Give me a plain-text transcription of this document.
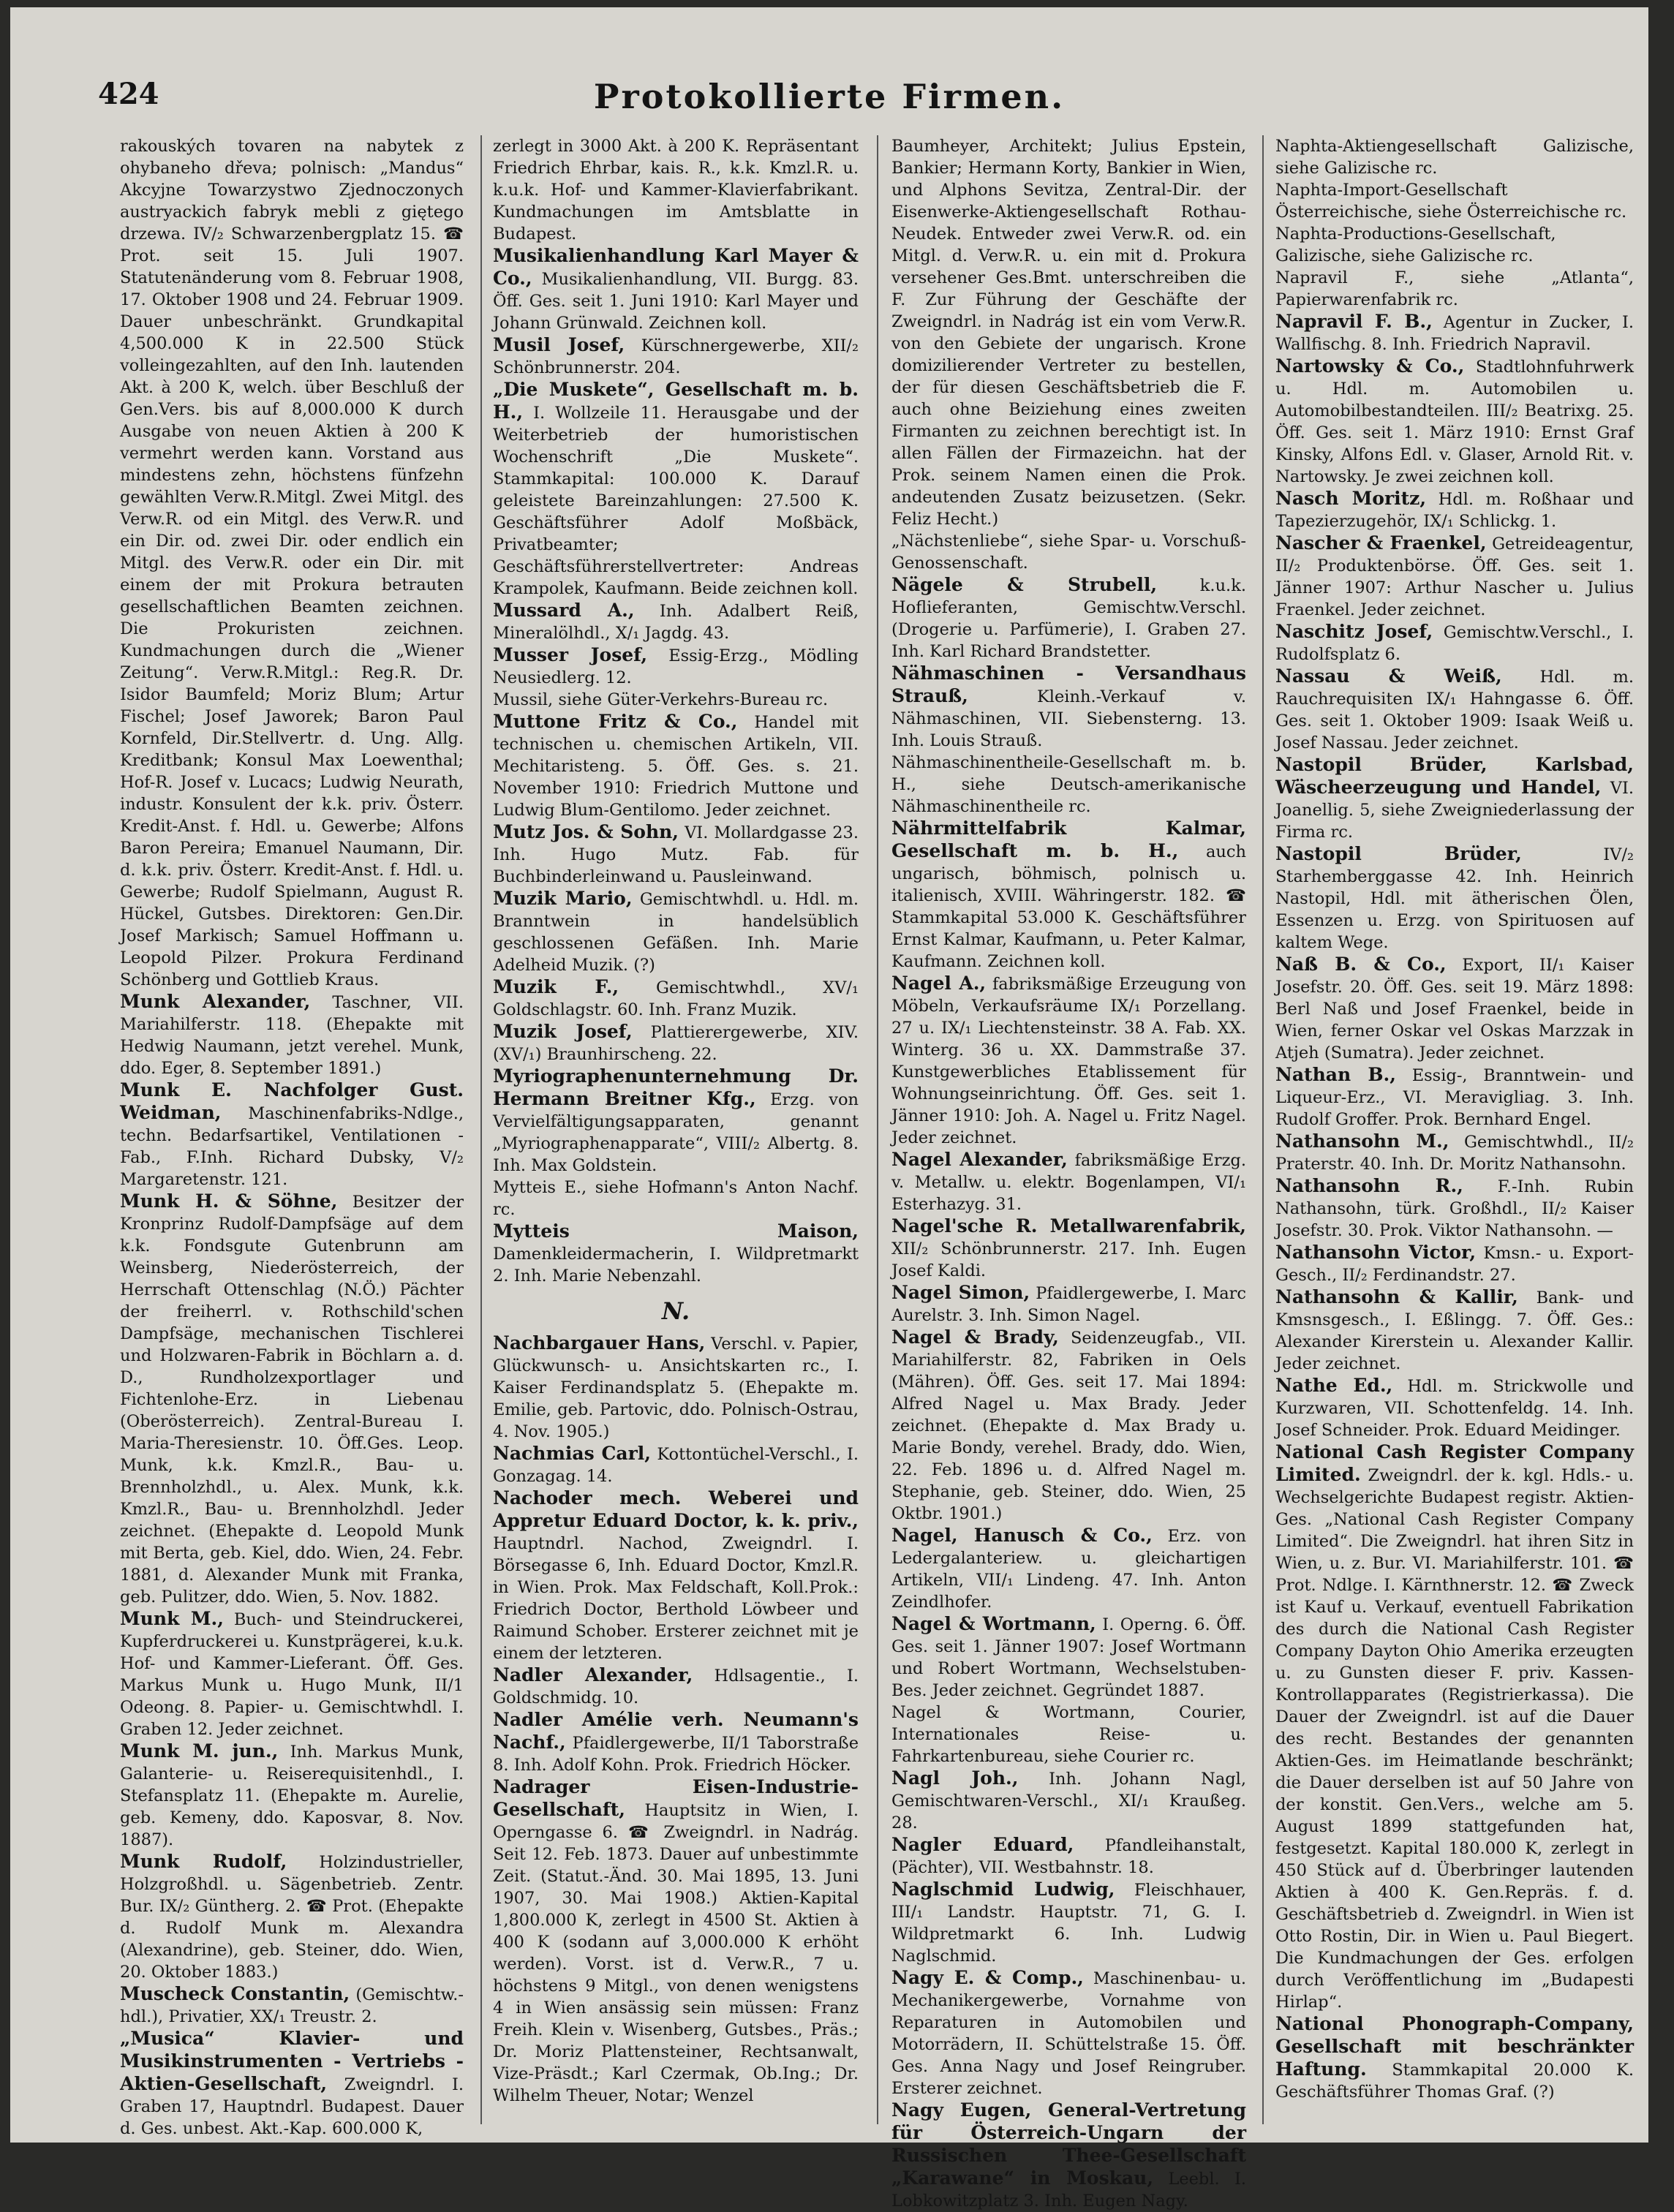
424	Protokollierte Firmen.

rakouských tovaren na nabytek z ohybaneho dřeva; polnisch: „Mandus“ Akcyjne Towarzystwo Zjednoczonych austryackich fabryk mebli z giętego drzewa. IV/₂ Schwarzenbergplatz 15. ☎ Prot. seit 15. Juli 1907. Statutenänderung vom 8. Februar 1908, 17. Oktober 1908 und 24. Februar 1909. Dauer unbeschränkt. Grundkapital 4,500.000 K in 22.500 Stück volleingezahlten, auf den Inh. lautenden Akt. à 200 K, welch. über Beschluß der Gen.Vers. bis auf 8,000.000 K durch Ausgabe von neuen Aktien à 200 K vermehrt werden kann. Vorstand aus mindestens zehn, höchstens fünfzehn gewählten Verw.R.Mitgl. Zwei Mitgl. des Verw.R. od ein Mitgl. des Verw.R. und ein Dir. od. zwei Dir. oder endlich ein Mitgl. des Verw.R. oder ein Dir. mit einem der mit Prokura betrauten gesellschaftlichen Beamten zeichnen. Die Prokuristen zeichnen. Kundmachungen durch die „Wiener Zeitung“. Verw.R.Mitgl.: Reg.R. Dr. Isidor Baumfeld; Moriz Blum; Artur Fischel; Josef Jaworek; Baron Paul Kornfeld, Dir.Stellvertr. d. Ung. Allg. Kreditbank; Konsul Max Loewenthal; Hof-R. Josef v. Lucacs; Ludwig Neurath, industr. Konsulent der k.k. priv. Österr. Kredit-Anst. f. Hdl. u. Gewerbe; Alfons Baron Pereira; Emanuel Naumann, Dir. d. k.k. priv. Österr. Kredit-Anst. f. Hdl. u. Gewerbe; Rudolf Spielmann, August R. Hückel, Gutsbes. Direktoren: Gen.Dir. Josef Markisch; Samuel Hoffmann u. Leopold Pilzer. Prokura Ferdinand Schönberg und Gottlieb Kraus.

Munk Alexander, Taschner, VII. Mariahilferstr. 118. (Ehepakte mit Hedwig Naumann, jetzt verehel. Munk, ddo. Eger, 8. September 1891.)

Munk E. Nachfolger Gust. Weidman, Maschinenfabriks-Ndlge., techn. Bedarfsartikel, Ventilationen - Fab., F.Inh. Richard Dubsky, V/₂ Margaretenstr. 121.

Munk H. & Söhne, Besitzer der Kronprinz Rudolf-Dampfsäge auf dem k.k. Fondsgute Gutenbrunn am Weinsberg, Niederösterreich, der Herrschaft Ottenschlag (N.Ö.) Pächter der freiherrl. v. Rothschild'schen Dampfsäge, mechanischen Tischlerei und Holzwaren-Fabrik in Böchlarn a. d. D., Rundholzexportlager und Fichtenlohe-Erz. in Liebenau (Oberösterreich). Zentral-Bureau I. Maria-Theresienstr. 10. Öff.Ges. Leop. Munk, k.k. Kmzl.R., Bau- u. Brennholzhdl., u. Alex. Munk, k.k. Kmzl.R., Bau- u. Brennholzhdl. Jeder zeichnet. (Ehepakte d. Leopold Munk mit Berta, geb. Kiel, ddo. Wien, 24. Febr. 1881, d. Alexander Munk mit Franka, geb. Pulitzer, ddo. Wien, 5. Nov. 1882.

Munk M., Buch- und Steindruckerei, Kupferdruckerei u. Kunstprägerei, k.u.k. Hof- und Kammer-Lieferant. Öff. Ges. Markus Munk u. Hugo Munk, II/1 Odeong. 8. Papier- u. Gemischtwhdl. I. Graben 12. Jeder zeichnet.

Munk M. jun., Inh. Markus Munk, Galanterie- u. Reiserequisitenhdl., I. Stefansplatz 11. (Ehepakte m. Aurelie, geb. Kemeny, ddo. Kaposvar, 8. Nov. 1887).

Munk Rudolf, Holzindustrieller, Holzgroßhdl. u. Sägenbetrieb. Zentr. Bur. IX/₂ Güntherg. 2. ☎ Prot. (Ehepakte d. Rudolf Munk m. Alexandra (Alexandrine), geb. Steiner, ddo. Wien, 20. Oktober 1883.)

Muscheck Constantin, (Gemischtw.-hdl.), Privatier, XX/₁ Treustr. 2.

„Musica“ Klavier- und Musikinstrumenten - Vertriebs - Aktien-Gesellschaft, Zweigndrl. I. Graben 17, Hauptndrl. Budapest. Dauer d. Ges. unbest. Akt.-Kap. 600.000 K,

zerlegt in 3000 Akt. à 200 K. Repräsentant Friedrich Ehrbar, kais. R., k.k. Kmzl.R. u. k.u.k. Hof- und Kammer-Klavierfabrikant. Kundmachungen im Amtsblatte in Budapest.

Musikalienhandlung Karl Mayer & Co., Musikalienhandlung, VII. Burgg. 83. Öff. Ges. seit 1. Juni 1910: Karl Mayer und Johann Grünwald. Zeichnen koll.

Musil Josef, Kürschnergewerbe, XII/₂ Schönbrunnerstr. 204.

„Die Muskete“, Gesellschaft m. b. H., I. Wollzeile 11. Herausgabe und der Weiterbetrieb der humoristischen Wochenschrift „Die Muskete“. Stammkapital: 100.000 K. Darauf geleistete Bareinzahlungen: 27.500 K. Geschäftsführer Adolf Moßbäck, Privatbeamter; Geschäftsführerstellvertreter: Andreas Krampolek, Kaufmann. Beide zeichnen koll.

Mussard A., Inh. Adalbert Reiß, Mineralölhdl., X/₁ Jagdg. 43.

Musser Josef, Essig-Erzg., Mödling Neusiedlerg. 12.

Mussil, siehe Güter-Verkehrs-Bureau rc.

Muttone Fritz & Co., Handel mit technischen u. chemischen Artikeln, VII. Mechitaristeng. 5. Öff. Ges. s. 21. November 1910: Friedrich Muttone und Ludwig Blum-Gentilomo. Jeder zeichnet.

Mutz Jos. & Sohn, VI. Mollardgasse 23. Inh. Hugo Mutz. Fab. für Buchbinderleinwand u. Pausleinwand.

Muzik Mario, Gemischtwhdl. u. Hdl. m. Branntwein in handelsüblich geschlossenen Gefäßen. Inh. Marie Adelheid Muzik. (?)

Muzik F., Gemischtwhdl., XV/₁ Goldschlagstr. 60. Inh. Franz Muzik.

Muzik Josef, Plattierergewerbe, XIV. (XV/₁) Braunhirscheng. 22.

Myriographenunternehmung Dr. Hermann Breitner Kfg., Erzg. von Vervielfältigungsapparaten, genannt „Myriographenapparate“, VIII/₂ Albertg. 8. Inh. Max Goldstein.

Mytteis E., siehe Hofmann's Anton Nachf. rc.

Mytteis Maison, Damenkleidermacherin, I. Wildpretmarkt 2. Inh. Marie Nebenzahl.

N.

Nachbargauer Hans, Verschl. v. Papier, Glückwunsch- u. Ansichtskarten rc., I. Kaiser Ferdinandsplatz 5. (Ehepakte m. Emilie, geb. Partovic, ddo. Polnisch-Ostrau, 4. Nov. 1905.)

Nachmias Carl, Kottontüchel-Verschl., I. Gonzagag. 14.

Nachoder mech. Weberei und Appretur Eduard Doctor, k. k. priv., Hauptndrl. Nachod, Zweigndrl. I. Börsegasse 6, Inh. Eduard Doctor, Kmzl.R. in Wien. Prok. Max Feldschaft, Koll.Prok.: Friedrich Doctor, Berthold Löwbeer und Raimund Schober. Ersterer zeichnet mit je einem der letzteren.

Nadler Alexander, Hdlsagentie., I. Goldschmidg. 10.

Nadler Amélie verh. Neumann's Nachf., Pfaidlergewerbe, II/1 Taborstraße 8. Inh. Adolf Kohn. Prok. Friedrich Höcker.

Nadrager Eisen-Industrie-Gesellschaft, Hauptsitz in Wien, I. Operngasse 6. ☎ Zweigndrl. in Nadrág. Seit 12. Feb. 1873. Dauer auf unbestimmte Zeit. (Statut.-Änd. 30. Mai 1895, 13. Juni 1907, 30. Mai 1908.) Aktien-Kapital 1,800.000 K, zerlegt in 4500 St. Aktien à 400 K (sodann auf 3,000.000 K erhöht werden). Vorst. ist d. Verw.R., 7 u. höchstens 9 Mitgl., von denen wenigstens 4 in Wien ansässig sein müssen: Franz Freih. Klein v. Wisenberg, Gutsbes., Präs.; Dr. Moriz Plattensteiner, Rechtsanwalt, Vize-Präsdt.; Karl Czermak, Ob.Ing.; Dr. Wilhelm Theuer, Notar; Wenzel

Baumheyer, Architekt; Julius Epstein, Bankier; Hermann Korty, Bankier in Wien, und Alphons Sevitza, Zentral-Dir. der Eisenwerke-Aktiengesellschaft Rothau-Neudek. Entweder zwei Verw.R. od. ein Mitgl. d. Verw.R. u. ein mit d. Prokura versehener Ges.Bmt. unterschreiben die F. Zur Führung der Geschäfte der Zweigndrl. in Nadrág ist ein vom Verw.R. von den Gebiete der ungarisch. Krone domizilierender Vertreter zu bestellen, der für diesen Geschäftsbetrieb die F. auch ohne Beiziehung eines zweiten Firmanten zu zeichnen berechtigt ist. In allen Fällen der Firmazeichn. hat der Prok. seinem Namen einen die Prok. andeutenden Zusatz beizusetzen. (Sekr. Feliz Hecht.)

„Nächstenliebe“, siehe Spar- u. Vorschuß-Genossenschaft.

Nägele & Strubell,	k.u.k. Hoflieferanten, Gemischtw.Verschl. (Drogerie u. Parfümerie), I. Graben 27. Inh. Karl Richard Brandstetter.

Nähmaschinen - Versandhaus Strauß,	Kleinh.-Verkauf v. Nähmaschinen, VII. Siebensterng. 13. Inh. Louis Strauß.

Nähmaschinentheile-Gesellschaft m. b. H., siehe Deutsch-amerikanische Nähmaschinentheile rc.

Nährmittelfabrik Kalmar, Gesellschaft m. b. H., auch ungarisch, böhmisch, polnisch u. italienisch, XVIII. Währingerstr. 182. ☎ Stammkapital 53.000 K. Geschäftsführer Ernst Kalmar, Kaufmann, u. Peter Kalmar, Kaufmann. Zeichnen koll.

Nagel A., fabriksmäßige Erzeugung von Möbeln, Verkaufsräume IX/₁ Porzellang. 27 u. IX/₁ Liechtensteinstr. 38 A. Fab. XX. Winterg. 36 u. XX. Dammstraße 37. Kunstgewerbliches Etablissement für Wohnungseinrichtung. Öff. Ges. seit 1. Jänner 1910: Joh. A. Nagel u. Fritz Nagel. Jeder zeichnet.

Nagel Alexander, fabriksmäßige Erzg. v. Metallw. u. elektr. Bogenlampen, VI/₁ Esterhazyg. 31.

Nagel'sche R. Metallwarenfabrik, XII/₂ Schönbrunnerstr. 217. Inh. Eugen Josef Kaldi.

Nagel Simon, Pfaidlergewerbe, I. Marc Aurelstr. 3. Inh. Simon Nagel.

Nagel & Brady, Seidenzeugfab., VII. Mariahilferstr. 82, Fabriken in Oels (Mähren). Öff. Ges. seit 17. Mai 1894: Alfred Nagel u. Max Brady. Jeder zeichnet. (Ehepakte d. Max Brady u. Marie Bondy, verehel. Brady, ddo. Wien, 22. Feb. 1896 u. d. Alfred Nagel m. Stephanie, geb. Steiner, ddo. Wien, 25 Oktbr. 1901.)

Nagel, Hanusch & Co., Erz. von Ledergalanteriew. u. gleichartigen Artikeln, VII/₁ Lindeng. 47. Inh. Anton Zeindlhofer.

Nagel & Wortmann, I. Operng. 6. Öff. Ges. seit 1. Jänner 1907: Josef Wortmann und Robert Wortmann, Wechselstuben-Bes. Jeder zeichnet. Gegründet 1887.

Nagel & Wortmann, Courier, Internationales Reise- u. Fahrkartenbureau, siehe Courier rc.

Nagl Joh., Inh. Johann Nagl, Gemischtwaren-Verschl., XI/₁ Kraußeg. 28.

Nagler Eduard, Pfandleihanstalt, (Pächter), VII. Westbahnstr. 18.

Naglschmid Ludwig, Fleischhauer, III/₁ Landstr. Hauptstr. 71, G. I. Wildpretmarkt 6. Inh. Ludwig Naglschmid.

Nagy E. & Comp., Maschinenbau- u. Mechanikergewerbe, Vornahme von Reparaturen in Automobilen und Motorrädern, II. Schüttelstraße 15. Öff. Ges. Anna Nagy und Josef Reingruber. Ersterer zeichnet.

Nagy Eugen, General-Vertretung für Österreich-Ungarn der Russischen Thee-Gesellschaft „Karawane“ in Moskau, Leebl. I. Lobkowitzplatz 3. Inh. Eugen Nagy.

Naphta-Aktiengesellschaft Galizische, siehe Galizische rc.

Naphta-Import-Gesellschaft Österreichische, siehe Österreichische rc.

Naphta-Productions-Gesellschaft, Galizische, siehe Galizische rc.

Napravil F., siehe „Atlanta“, Papierwarenfabrik rc.

Napravil F. B., Agentur in Zucker, I. Wallfischg. 8. Inh. Friedrich Napravil.

Nartowsky & Co., Stadtlohnfuhrwerk u. Hdl. m. Automobilen u. Automobilbestandteilen. III/₂ Beatrixg. 25. Öff. Ges. seit 1. März 1910: Ernst Graf Kinsky, Alfons Edl. v. Glaser, Arnold Rit. v. Nartowsky. Je zwei zeichnen koll.

Nasch Moritz, Hdl. m. Roßhaar und Tapezierzugehör, IX/₁ Schlickg. 1.

Nascher & Fraenkel, Getreideagentur, II/₂ Produktenbörse. Öff. Ges. seit 1. Jänner 1907: Arthur Nascher u. Julius Fraenkel. Jeder zeichnet.

Naschitz Josef, Gemischtw.Verschl., I. Rudolfsplatz 6.

Nassau & Weiß, Hdl. m. Rauchrequisiten IX/₁ Hahngasse 6. Öff. Ges. seit 1. Oktober 1909: Isaak Weiß u. Josef Nassau. Jeder zeichnet.

Nastopil Brüder, Karlsbad, Wäscheerzeugung und Handel, VI. Joanellig. 5, siehe Zweigniederlassung der Firma rc.

Nastopil Brüder,	IV/₂ Starhemberggasse 42. Inh. Heinrich Nastopil, Hdl. mit ätherischen Ölen, Essenzen u. Erzg. von Spirituosen auf kaltem Wege.

Naß B. & Co., Export, II/₁ Kaiser Josefstr. 20. Öff. Ges. seit 19. März 1898: Berl Naß und Josef Fraenkel, beide in Wien, ferner Oskar vel Oskas Marzzak in Atjeh (Sumatra). Jeder zeichnet.

Nathan B., Essig-, Branntwein- und Liqueur-Erz., VI. Meravigliag. 3. Inh. Rudolf Groffer. Prok. Bernhard Engel.

Nathansohn M., Gemischtwhdl., II/₂ Praterstr. 40. Inh. Dr. Moritz Nathansohn.

Nathansohn R., F.-Inh. Rubin Nathansohn, türk. Großhdl., II/₂ Kaiser Josefstr. 30. Prok. Viktor Nathansohn. —

Nathansohn Victor, Kmsn.- u. Export-Gesch., II/₂ Ferdinandstr. 27.

Nathansohn & Kallir, Bank- und Kmsnsgesch., I. Eßlingg. 7. Öff. Ges.: Alexander Kirerstein u. Alexander Kallir. Jeder zeichnet.

Nathe Ed., Hdl. m. Strickwolle und Kurzwaren, VII. Schottenfeldg. 14. Inh. Josef Schneider. Prok. Eduard Meidinger.

National Cash Register Company Limited. Zweigndrl. der k. kgl. Hdls.- u. Wechselgerichte Budapest registr. Aktien-Ges. „National Cash Register Company Limited“. Die Zweigndrl. hat ihren Sitz in Wien, u. z. Bur. VI. Mariahilferstr. 101. ☎ Prot. Ndlge. I. Kärnthnerstr. 12. ☎ Zweck ist Kauf u. Verkauf, eventuell Fabrikation des durch die National Cash Register Company Dayton Ohio Amerika erzeugten u. zu Gunsten dieser F. priv. Kassen-Kontrollapparates (Registrierkassa). Die Dauer der Zweigndrl. ist auf die Dauer des recht. Bestandes der genannten Aktien-Ges. im Heimatlande beschränkt; die Dauer derselben ist auf 50 Jahre von der konstit. Gen.Vers., welche am 5. August 1899 stattgefunden hat, festgesetzt. Kapital 180.000 K, zerlegt in 450 Stück auf d. Überbringer lautenden Aktien à 400 K. Gen.Repräs. f. d. Geschäftsbetrieb d. Zweigndrl. in Wien ist Otto Rostin, Dir. in Wien u. Paul Biegert. Die Kundmachungen der Ges. erfolgen durch Veröffentlichung im „Budapesti Hirlap“.

National Phonograph-Company, Gesellschaft mit beschränkter Haftung. Stammkapital 20.000 K. Geschäftsführer Thomas Graf. (?)
